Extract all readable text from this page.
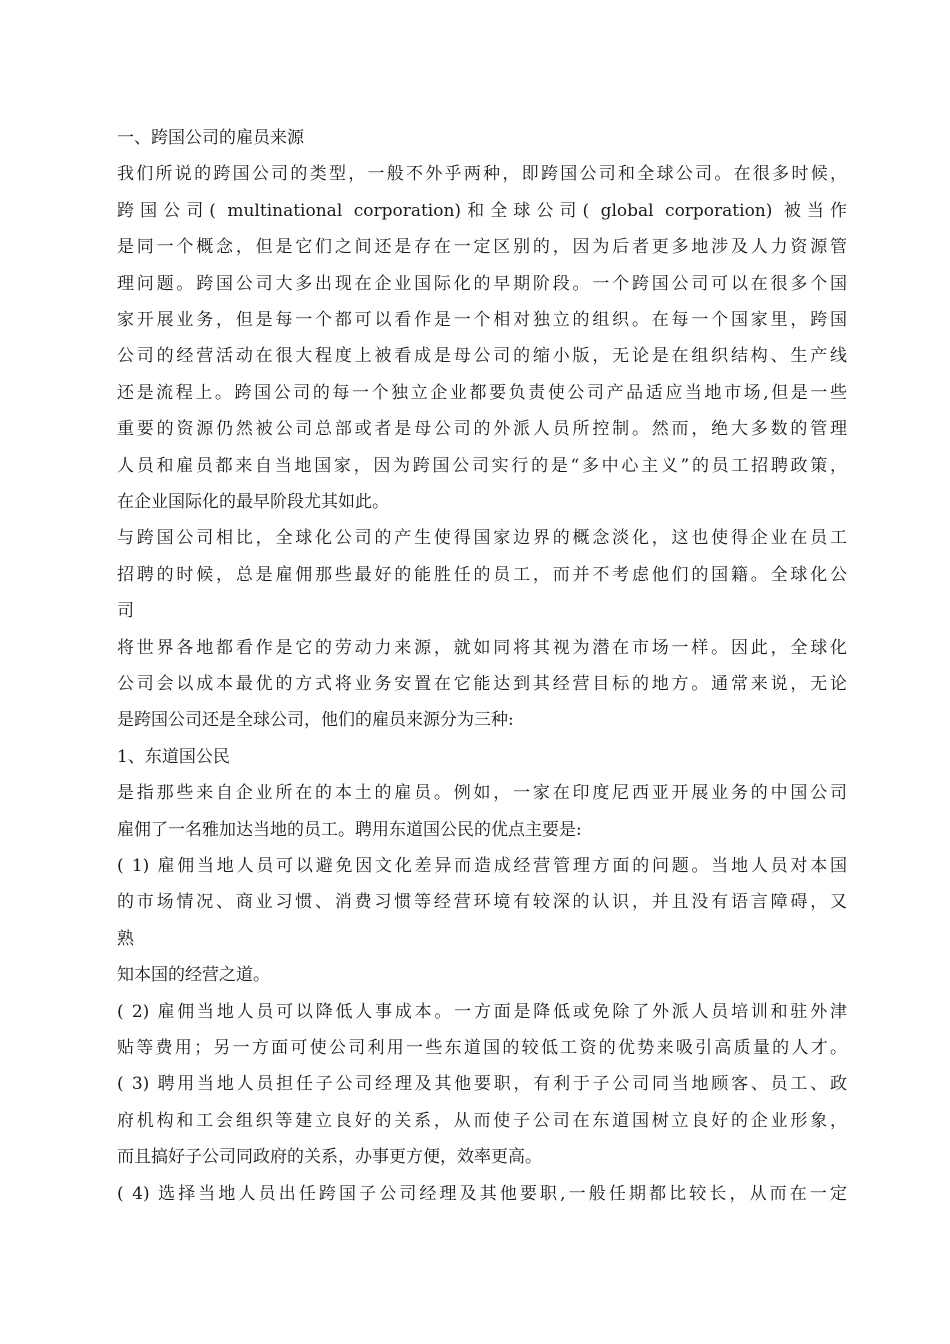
一、跨国公司的雇员来源
我们所说的跨国公司的类型，一般不外乎两种，即跨国公司和全球公司。在很多时候，
跨国公司( multinational corporation)和全球公司( global corporation) 被当作
是同一个概念，但是它们之间还是存在一定区别的，因为后者更多地涉及人力资源管
理问题。跨国公司大多出现在企业国际化的早期阶段。一个跨国公司可以在很多个国
家开展业务，但是每一个都可以看作是一个相对独立的组织。在每一个国家里，跨国
公司的经营活动在很大程度上被看成是母公司的缩小版，无论是在组织结构、生产线
还是流程上。跨国公司的每一个独立企业都要负责使公司产品适应当地市场,但是一些
重要的资源仍然被公司总部或者是母公司的外派人员所控制。然而，绝大多数的管理
人员和雇员都来自当地国家，因为跨国公司实行的是“多中心主义”的员工招聘政策，
在企业国际化的最早阶段尤其如此。
与跨国公司相比，全球化公司的产生使得国家边界的概念淡化，这也使得企业在员工
招聘的时候，总是雇佣那些最好的能胜任的员工，而并不考虑他们的国籍。全球化公
司
将世界各地都看作是它的劳动力来源，就如同将其视为潜在市场一样。因此，全球化
公司会以成本最优的方式将业务安置在它能达到其经营目标的地方。通常来说，无论
是跨国公司还是全球公司，他们的雇员来源分为三种:
1、东道国公民
是指那些来自企业所在的本土的雇员。例如，一家在印度尼西亚开展业务的中国公司
雇佣了一名雅加达当地的员工。聘用东道国公民的优点主要是:
( 1) 雇佣当地人员可以避免因文化差异而造成经营管理方面的问题。当地人员对本国
的市场情况、商业习惯、消费习惯等经营环境有较深的认识，并且没有语言障碍，又
熟
知本国的经营之道。
( 2) 雇佣当地人员可以降低人事成本。一方面是降低或免除了外派人员培训和驻外津
贴等费用；另一方面可使公司利用一些东道国的较低工资的优势来吸引高质量的人才。
( 3) 聘用当地人员担任子公司经理及其他要职，有利于子公司同当地顾客、员工、政
府机构和工会组织等建立良好的关系，从而使子公司在东道国树立良好的企业形象，
而且搞好子公司同政府的关系，办事更方便，效率更高。
( 4) 选择当地人员出任跨国子公司经理及其他要职,一般任期都比较长，从而在一定
